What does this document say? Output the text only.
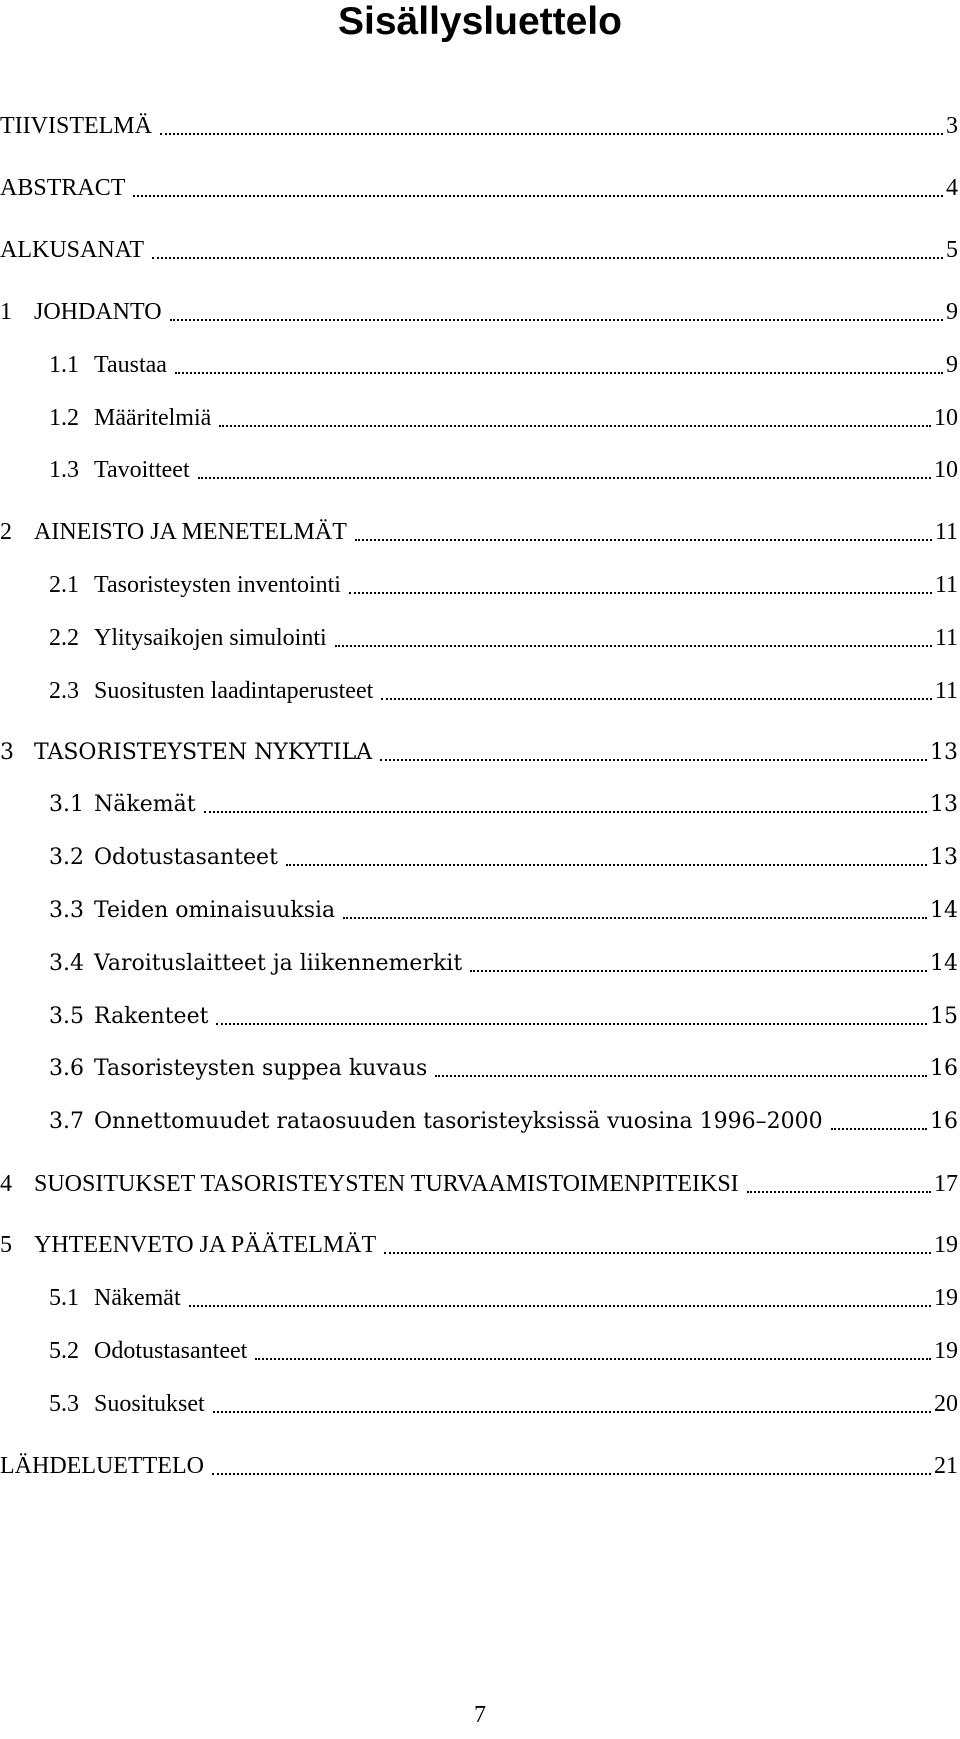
Sisällysluettelo
TIIVISTELMÄ	3
ABSTRACT	4
ALKUSANAT	5
1 JOHDANTO	9
1.1 Taustaa	9
1.2 Määritelmiä	10
1.3 Tavoitteet	10
2 AINEISTO JA MENETELMÄT	11
2.1 Tasoristeysten inventointi	11
2.2 Ylitysaikojen simulointi	11
2.3 Suositusten laadintaperusteet	11
3 TASORISTEYSTEN NYKYTILA	13
3.1 Näkemät	13
3.2 Odotustasanteet	13
3.3 Teiden ominaisuuksia	14
3.4 Varoituslaitteet ja liikennemerkit	14
3.5 Rakenteet	15
3.6 Tasoristeysten suppea kuvaus	16
3.7 Onnettomuudet rataosuuden tasoristeyksissä vuosina 1996–2000	16
4 SUOSITUKSET TASORISTEYSTEN TURVAAMISTOIMENPITEIKSI	17
5 YHTEENVETO JA PÄÄTELMÄT	19
5.1 Näkemät	19
5.2 Odotustasanteet	19
5.3 Suositukset	20
LÄHDELUETTELO	21
7
